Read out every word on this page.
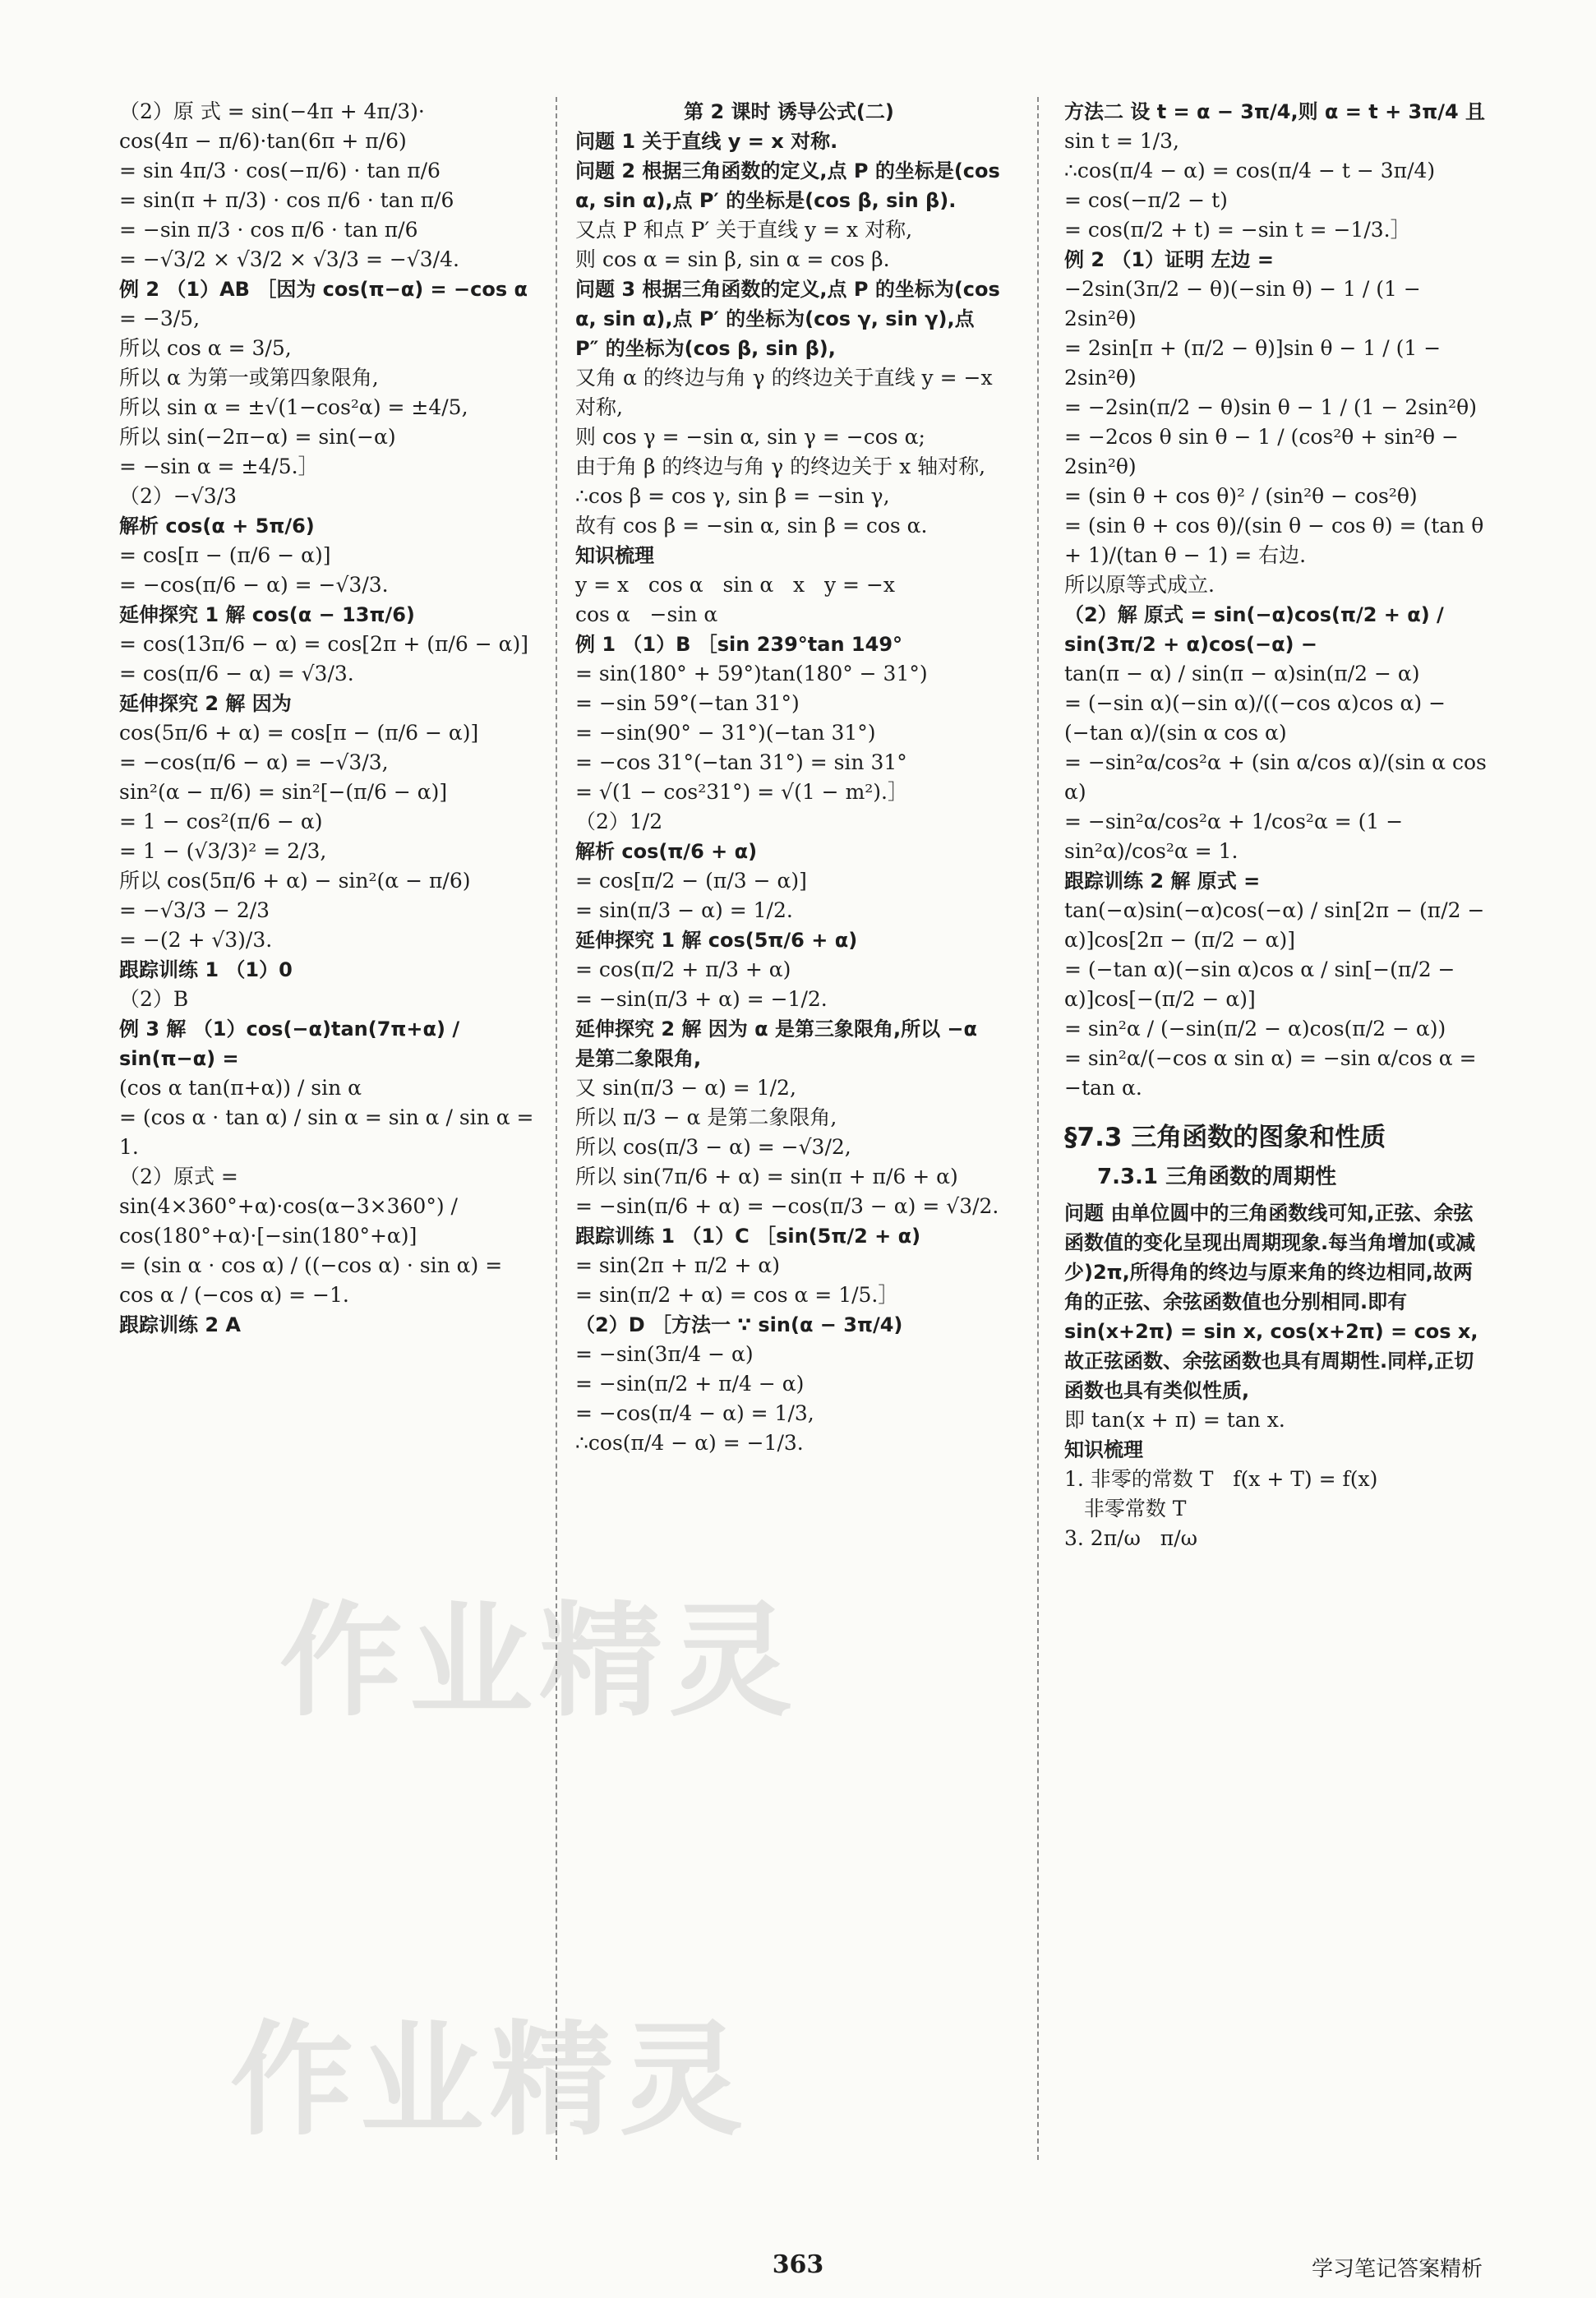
（2）原 式 = sin(−4π + 4π/3)·
cos(4π − π/6)·tan(6π + π/6)
= sin 4π/3 · cos(−π/6) · tan π/6
= sin(π + π/3) · cos π/6 · tan π/6
= −sin π/3 · cos π/6 · tan π/6
= −√3/2 × √3/2 × √3/3 = −√3/4.
例 2 （1）AB ［因为 cos(π−α) = −cos α
= −3/5,
所以 cos α = 3/5,
所以 α 为第一或第四象限角,
所以 sin α = ±√(1−cos²α) = ±4/5,
所以 sin(−2π−α) = sin(−α)
= −sin α = ±4/5.］
（2）−√3/3
解析 cos(α + 5π/6)
= cos[π − (π/6 − α)]
= −cos(π/6 − α) = −√3/3.
延伸探究 1 解 cos(α − 13π/6)
= cos(13π/6 − α) = cos[2π + (π/6 − α)]
= cos(π/6 − α) = √3/3.
延伸探究 2 解 因为
cos(5π/6 + α) = cos[π − (π/6 − α)]
= −cos(π/6 − α) = −√3/3,
sin²(α − π/6) = sin²[−(π/6 − α)]
= 1 − cos²(π/6 − α)
= 1 − (√3/3)² = 2/3,
所以 cos(5π/6 + α) − sin²(α − π/6)
= −√3/3 − 2/3
= −(2 + √3)/3.
跟踪训练 1 （1）0
（2）B
例 3 解 （1）cos(−α)tan(7π+α) / sin(π−α) =
(cos α tan(π+α)) / sin α
= (cos α · tan α) / sin α = sin α / sin α = 1.
（2）原式 =
sin(4×360°+α)·cos(α−3×360°) / cos(180°+α)·[−sin(180°+α)]
= (sin α · cos α) / ((−cos α) · sin α) = cos α / (−cos α) = −1.
跟踪训练 2 A
第 2 课时 诱导公式(二)
问题 1 关于直线 y = x 对称.
问题 2 根据三角函数的定义,点 P 的坐标是(cos α, sin α),点 P′ 的坐标是(cos β, sin β).
又点 P 和点 P′ 关于直线 y = x 对称,
则 cos α = sin β, sin α = cos β.
问题 3 根据三角函数的定义,点 P 的坐标为(cos α, sin α),点 P′ 的坐标为(cos γ, sin γ),点 P″ 的坐标为(cos β, sin β),
又角 α 的终边与角 γ 的终边关于直线 y = −x 对称,
则 cos γ = −sin α, sin γ = −cos α;
由于角 β 的终边与角 γ 的终边关于 x 轴对称,
∴cos β = cos γ, sin β = −sin γ,
故有 cos β = −sin α, sin β = cos α.
知识梳理
y = x   cos α   sin α   x   y = −x
cos α   −sin α
例 1 （1）B ［sin 239°tan 149°
= sin(180° + 59°)tan(180° − 31°)
= −sin 59°(−tan 31°)
= −sin(90° − 31°)(−tan 31°)
= −cos 31°(−tan 31°) = sin 31°
= √(1 − cos²31°) = √(1 − m²).］
（2）1/2
解析 cos(π/6 + α)
= cos[π/2 − (π/3 − α)]
= sin(π/3 − α) = 1/2.
延伸探究 1 解 cos(5π/6 + α)
= cos(π/2 + π/3 + α)
= −sin(π/3 + α) = −1/2.
延伸探究 2 解 因为 α 是第三象限角,所以 −α 是第二象限角,
又 sin(π/3 − α) = 1/2,
所以 π/3 − α 是第二象限角,
所以 cos(π/3 − α) = −√3/2,
所以 sin(7π/6 + α) = sin(π + π/6 + α)
= −sin(π/6 + α) = −cos(π/3 − α) = √3/2.
跟踪训练 1 （1）C ［sin(5π/2 + α)
= sin(2π + π/2 + α)
= sin(π/2 + α) = cos α = 1/5.］
（2）D ［方法一 ∵ sin(α − 3π/4)
= −sin(3π/4 − α)
= −sin(π/2 + π/4 − α)
= −cos(π/4 − α) = 1/3,
∴cos(π/4 − α) = −1/3.
方法二 设 t = α − 3π/4,则 α = t + 3π/4 且
sin t = 1/3,
∴cos(π/4 − α) = cos(π/4 − t − 3π/4)
= cos(−π/2 − t)
= cos(π/2 + t) = −sin t = −1/3.］
例 2 （1）证明 左边 =
−2sin(3π/2 − θ)(−sin θ) − 1 / (1 − 2sin²θ)
= 2sin[π + (π/2 − θ)]sin θ − 1 / (1 − 2sin²θ)
= −2sin(π/2 − θ)sin θ − 1 / (1 − 2sin²θ)
= −2cos θ sin θ − 1 / (cos²θ + sin²θ − 2sin²θ)
= (sin θ + cos θ)² / (sin²θ − cos²θ)
= (sin θ + cos θ)/(sin θ − cos θ) = (tan θ + 1)/(tan θ − 1) = 右边.
所以原等式成立.
（2）解 原式 = sin(−α)cos(π/2 + α) / sin(3π/2 + α)cos(−α) −
tan(π − α) / sin(π − α)sin(π/2 − α)
= (−sin α)(−sin α)/((−cos α)cos α) − (−tan α)/(sin α cos α)
= −sin²α/cos²α + (sin α/cos α)/(sin α cos α)
= −sin²α/cos²α + 1/cos²α = (1 − sin²α)/cos²α = 1.
跟踪训练 2 解 原式 =
tan(−α)sin(−α)cos(−α) / sin[2π − (π/2 − α)]cos[2π − (π/2 − α)]
= (−tan α)(−sin α)cos α / sin[−(π/2 − α)]cos[−(π/2 − α)]
= sin²α / (−sin(π/2 − α)cos(π/2 − α))
= sin²α/(−cos α sin α) = −sin α/cos α = −tan α.
§7.3 三角函数的图象和性质
7.3.1 三角函数的周期性
问题 由单位圆中的三角函数线可知,正弦、余弦函数值的变化呈现出周期现象.每当角增加(或减少)2π,所得角的终边与原来角的终边相同,故两角的正弦、余弦函数值也分别相同.即有 sin(x+2π) = sin x, cos(x+2π) = cos x,故正弦函数、余弦函数也具有周期性.同样,正切函数也具有类似性质,
即 tan(x + π) = tan x.
知识梳理
1. 非零的常数 T   f(x + T) = f(x)
非零常数 T
3. 2π/ω   π/ω
作业精灵
作业精灵
363	学习笔记答案精析
